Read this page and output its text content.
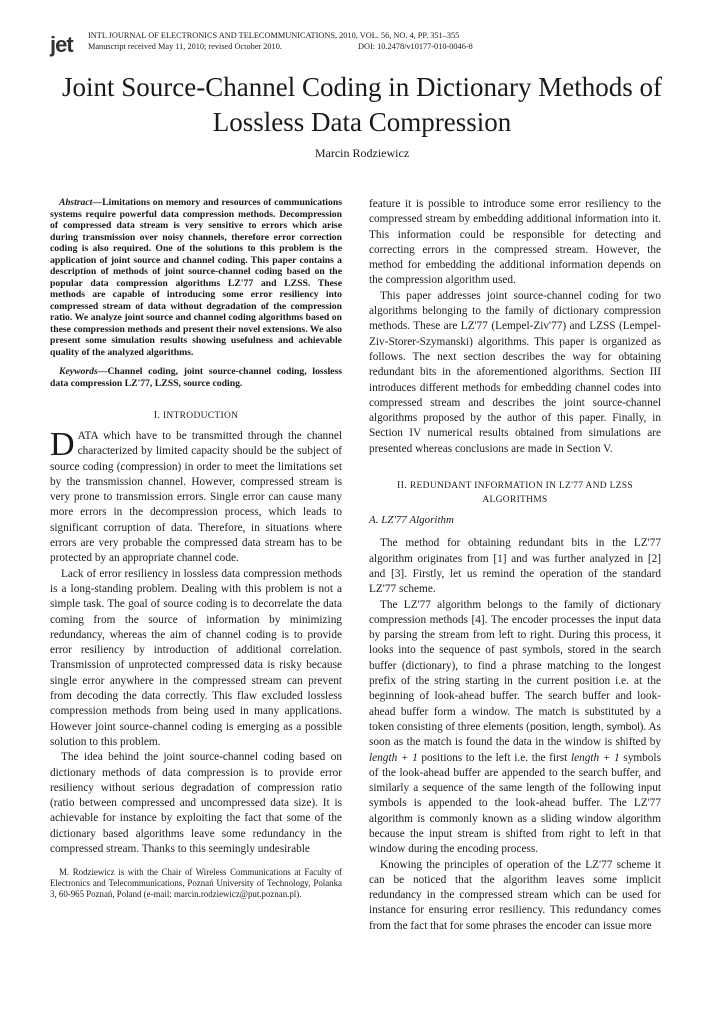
jet INTL JOURNAL OF ELECTRONICS AND TELECOMMUNICATIONS, 2010, VOL. 56, NO. 4, PP. 351–355
Manuscript received May 11, 2010; revised October 2010.	DOI: 10.2478/v10177-010-0046-8
Joint Source-Channel Coding in Dictionary Methods of Lossless Data Compression
Marcin Rodziewicz

Abstract—Limitations on memory and resources of communications systems require powerful data compression methods. Decompression of compressed data stream is very sensitive to errors which arise during transmission over noisy channels, therefore error correction coding is also required. One of the solutions to this problem is the application of joint source and channel coding. This paper contains a description of methods of joint source-channel coding based on the popular data compression algorithms LZ'77 and LZSS. These methods are capable of introducing some error resiliency into compressed stream of data without degradation of the compression ratio. We analyze joint source and channel coding algorithms based on these compression methods and present their novel extensions. We also present some simulation results showing usefulness and achievable quality of the analyzed algorithms.

Keywords—Channel coding, joint source-channel coding, lossless data compression LZ'77, LZSS, source coding.

I. INTRODUCTION

DATA which have to be transmitted through the channel characterized by limited capacity should be the subject of source coding (compression) in order to meet the limitations set by the transmission channel. However, compressed stream is very prone to transmission errors. Single error can cause many more errors in the decompression process, which leads to significant corruption of data. Therefore, in situations where errors are very probable the compressed data stream has to be protected by an appropriate channel code.

Lack of error resiliency in lossless data compression methods is a long-standing problem. Dealing with this problem is not a simple task. The goal of source coding is to decorrelate the data coming from the source of information by minimizing redundancy, whereas the aim of channel coding is to provide error resiliency by introduction of additional correlation. Transmission of unprotected compressed data is risky because single error anywhere in the compressed stream can prevent from decoding the data correctly. This flaw excluded lossless compression methods from being used in many applications. However joint source-channel coding is emerging as a possible solution to this problem.

The idea behind the joint source-channel coding based on dictionary methods of data compression is to provide error resiliency without serious degradation of compression ratio (ratio between compressed and uncompressed data size). It is achievable for instance by exploiting the fact that some of the dictionary based algorithms leave some redundancy in the compressed stream. Thanks to this seemingly undesirable

M. Rodziewicz is with the Chair of Wireless Communications at Faculty of Electronics and Telecommunications, Poznań University of Technology, Polanka 3, 60-965 Poznań, Poland (e-mail: marcin.rodziewicz@put.poznan.pl).

feature it is possible to introduce some error resiliency to the compressed stream by embedding additional information into it. This information could be responsible for detecting and correcting errors in the compressed stream. However, the method for embedding the additional information depends on the compression algorithm used.

This paper addresses joint source-channel coding for two algorithms belonging to the family of dictionary compression methods. These are LZ'77 (Lempel-Ziv'77) and LZSS (Lempel-Ziv-Storer-Szymanski) algorithms. This paper is organized as follows. The next section describes the way for obtaining redundant bits in the aforementioned algorithms. Section III introduces different methods for embedding channel codes into compressed stream and describes the joint source-channel algorithms proposed by the author of this paper. Finally, in Section IV numerical results obtained from simulations are presented whereas conclusions are made in Section V.

II. REDUNDANT INFORMATION IN LZ'77 AND LZSS ALGORITHMS
A. LZ'77 Algorithm

The method for obtaining redundant bits in the LZ'77 algorithm originates from [1] and was further analyzed in [2] and [3]. Firstly, let us remind the operation of the standard LZ'77 scheme.

The LZ'77 algorithm belongs to the family of dictionary compression methods [4]. The encoder processes the input data by parsing the stream from left to right. During this process, it looks into the sequence of past symbols, stored in the search buffer (dictionary), to find a phrase matching to the longest prefix of the string starting in the current position i.e. at the beginning of look-ahead buffer. The search buffer and look-ahead buffer form a window. The match is substituted by a token consisting of three elements (position, length, symbol). As soon as the match is found the data in the window is shifted by length + 1 positions to the left i.e. the first length + 1 symbols of the look-ahead buffer are appended to the search buffer, and similarly a sequence of the same length of the following input symbols is appended to the look-ahead buffer. The LZ'77 algorithm is commonly known as a sliding window algorithm because the input stream is shifted from right to left in that window during the encoding process.

Knowing the principles of operation of the LZ'77 scheme it can be noticed that the algorithm leaves some implicit redundancy in the compressed stream which can be used for instance for ensuring error resiliency. This redundancy comes from the fact that for some phrases the encoder can issue more
